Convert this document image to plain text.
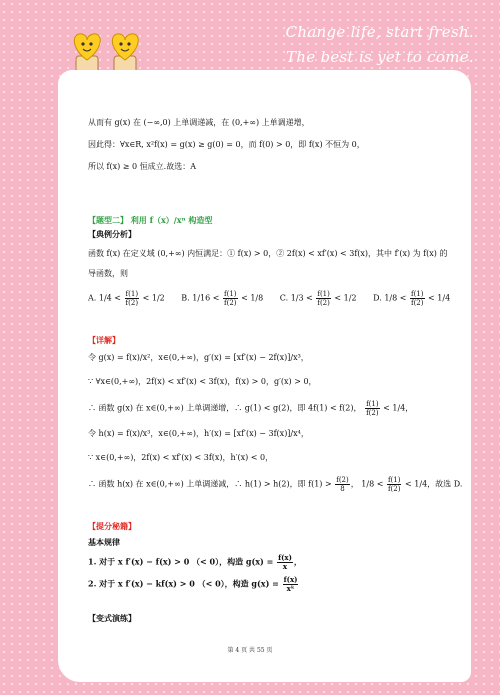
Change life, start fresh.
The best is yet to come.
从而有 g(x) 在 (−∞,0) 上单调递减，在 (0,+∞) 上单调递增，
因此得：∀x∈R, x²f(x) = g(x) ≥ g(0) = 0，而 f(0) > 0，即 f(x) 不恒为 0，
所以 f(x) ≥ 0 恒成立.故选：A
【题型二】 利用 f（x）/xⁿ 构造型
【典例分析】
函数 f(x) 在定义域 (0,+∞) 内恒满足：① f(x) > 0，② 2f(x) < xf′(x) < 3f(x)，其中 f′(x) 为 f(x) 的
导函数，则
A. $1/4 < \frac{f(1)}{f(2)} < 1/2$ B. $1/16 < \frac{f(1)}{f(2)} < 1/8$ C. $1/3 < \frac{f(1)}{f(2)} < 1/2$ D. $1/8 < \frac{f(1)}{f(2)} < 1/4$
【详解】
令 g(x) = f(x)/x²，x∈(0,+∞)，g′(x) = [xf′(x) − 2f(x)]/x³，
∵ ∀x∈(0,+∞)，2f(x) < xf′(x) < 3f(x)，f(x) > 0，g′(x) > 0，
∴ 函数 g(x) 在 x∈(0,+∞) 上单调递增，∴ g(1) < g(2)，即 4f(1) < f(2)， $\frac{f(1)}{f(2)} < 1/4$，
令 h(x) = f(x)/x³，x∈(0,+∞)，h′(x) = [xf′(x) − 3f(x)]/x⁴，
∵ x∈(0,+∞)，2f(x) < xf′(x) < 3f(x)，h′(x) < 0，
∴ 函数 h(x) 在 x∈(0,+∞) 上单调递减，∴ h(1) > h(2)，即 $f(1) > \frac{f(2)}{8}$ ， $1/8 < \frac{f(1)}{f(2)} < 1/4$，故选 D.
【提分秘籍】
基本规律
1. 对于 x f′(x) − f(x) > 0 （< 0），构造 $g(x) = \frac{f(x)}{x}$ ，
2. 对于 x f′(x) − kf(x) > 0 （< 0），构造 $g(x) = \frac{f(x)}{\text{xᵏ}}$
【变式演练】
第 4 页 共 55 页
